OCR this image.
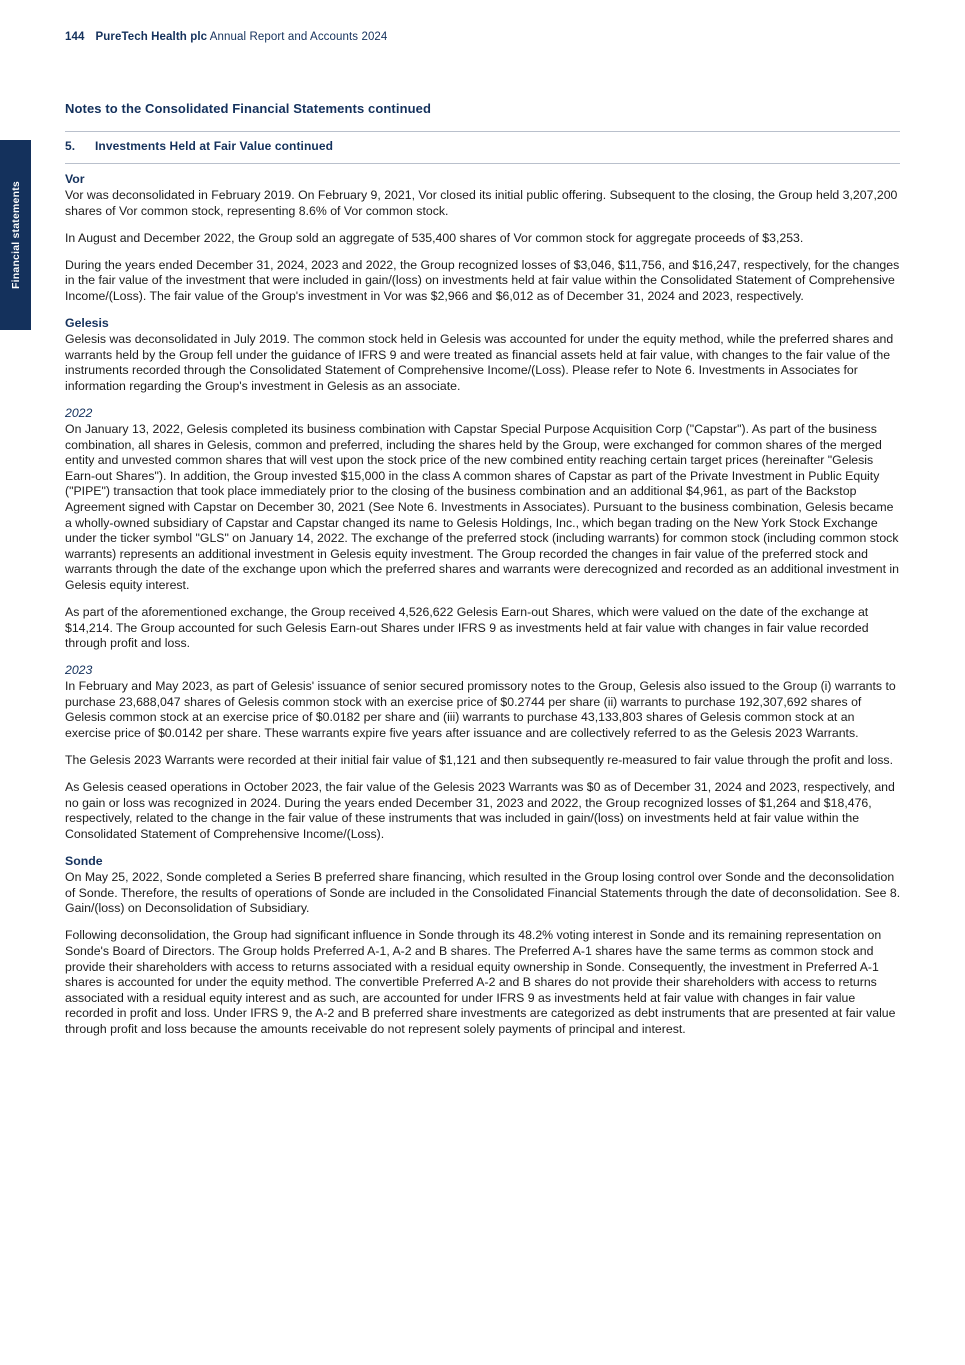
144 PureTech Health plc Annual Report and Accounts 2024
Financial statements
Notes to the Consolidated Financial Statements continued
5. Investments Held at Fair Value continued
Vor

Vor was deconsolidated in February 2019. On February 9, 2021, Vor closed its initial public offering. Subsequent to the closing, the Group held 3,207,200 shares of Vor common stock, representing 8.6% of Vor common stock.

In August and December 2022, the Group sold an aggregate of 535,400 shares of Vor common stock for aggregate proceeds of $3,253.

During the years ended December 31, 2024, 2023 and 2022, the Group recognized losses of $3,046, $11,756, and $16,247, respectively, for the changes in the fair value of the investment that were included in gain/(loss) on investments held at fair value within the Consolidated Statement of Comprehensive Income/(Loss). The fair value of the Group's investment in Vor was $2,966 and $6,012 as of December 31, 2024 and 2023, respectively.

Gelesis

Gelesis was deconsolidated in July 2019. The common stock held in Gelesis was accounted for under the equity method, while the preferred shares and warrants held by the Group fell under the guidance of IFRS 9 and were treated as financial assets held at fair value, with changes to the fair value of the instruments recorded through the Consolidated Statement of Comprehensive Income/(Loss). Please refer to Note 6. Investments in Associates for information regarding the Group's investment in Gelesis as an associate.

2022

On January 13, 2022, Gelesis completed its business combination with Capstar Special Purpose Acquisition Corp ("Capstar"). As part of the business combination, all shares in Gelesis, common and preferred, including the shares held by the Group, were exchanged for common shares of the merged entity and unvested common shares that will vest upon the stock price of the new combined entity reaching certain target prices (hereinafter "Gelesis Earn-out Shares"). In addition, the Group invested $15,000 in the class A common shares of Capstar as part of the Private Investment in Public Equity ("PIPE") transaction that took place immediately prior to the closing of the business combination and an additional $4,961, as part of the Backstop Agreement signed with Capstar on December 30, 2021 (See Note 6. Investments in Associates). Pursuant to the business combination, Gelesis became a wholly-owned subsidiary of Capstar and Capstar changed its name to Gelesis Holdings, Inc., which began trading on the New York Stock Exchange under the ticker symbol "GLS" on January 14, 2022. The exchange of the preferred stock (including warrants) for common stock (including common stock warrants) represents an additional investment in Gelesis equity investment. The Group recorded the changes in fair value of the preferred stock and warrants through the date of the exchange upon which the preferred shares and warrants were derecognized and recorded as an additional investment in Gelesis equity interest.

As part of the aforementioned exchange, the Group received 4,526,622 Gelesis Earn-out Shares, which were valued on the date of the exchange at $14,214. The Group accounted for such Gelesis Earn-out Shares under IFRS 9 as investments held at fair value with changes in fair value recorded through profit and loss.

2023

In February and May 2023, as part of Gelesis' issuance of senior secured promissory notes to the Group, Gelesis also issued to the Group (i) warrants to purchase 23,688,047 shares of Gelesis common stock with an exercise price of $0.2744 per share (ii) warrants to purchase 192,307,692 shares of Gelesis common stock at an exercise price of $0.0182 per share and (iii) warrants to purchase 43,133,803 shares of Gelesis common stock at an exercise price of $0.0142 per share. These warrants expire five years after issuance and are collectively referred to as the Gelesis 2023 Warrants.

The Gelesis 2023 Warrants were recorded at their initial fair value of $1,121 and then subsequently re-measured to fair value through the profit and loss.

As Gelesis ceased operations in October 2023, the fair value of the Gelesis 2023 Warrants was $0 as of December 31, 2024 and 2023, respectively, and no gain or loss was recognized in 2024. During the years ended December 31, 2023 and 2022, the Group recognized losses of $1,264 and $18,476, respectively, related to the change in the fair value of these instruments that was included in gain/(loss) on investments held at fair value within the Consolidated Statement of Comprehensive Income/(Loss).

Sonde

On May 25, 2022, Sonde completed a Series B preferred share financing, which resulted in the Group losing control over Sonde and the deconsolidation of Sonde. Therefore, the results of operations of Sonde are included in the Consolidated Financial Statements through the date of deconsolidation. See 8. Gain/(loss) on Deconsolidation of Subsidiary.

Following deconsolidation, the Group had significant influence in Sonde through its 48.2% voting interest in Sonde and its remaining representation on Sonde's Board of Directors. The Group holds Preferred A-1, A-2 and B shares. The Preferred A-1 shares have the same terms as common stock and provide their shareholders with access to returns associated with a residual equity ownership in Sonde. Consequently, the investment in Preferred A-1 shares is accounted for under the equity method. The convertible Preferred A-2 and B shares do not provide their shareholders with access to returns associated with a residual equity interest and as such, are accounted for under IFRS 9 as investments held at fair value with changes in fair value recorded in profit and loss. Under IFRS 9, the A-2 and B preferred share investments are categorized as debt instruments that are presented at fair value through profit and loss because the amounts receivable do not represent solely payments of principal and interest.
